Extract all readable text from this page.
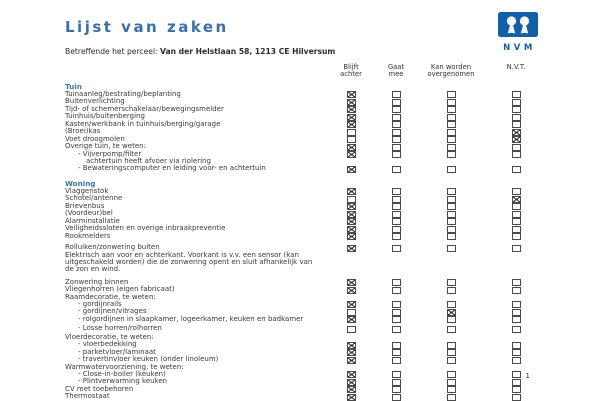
Lijst van zaken
NVM
Betreffende het perceel: Van der Helstlaan 58, 1213 CE Hilversum
Blijft
achter
Gaat
mee
Kan worden
overgenomen
N.V.T.
Tuin
Tuinaanleg/bestrating/beplanting
Buitenverlichting
Tijd- of schemerschakelaar/bewegingsmelder
Tuinhuis/buitenberging
Kasten/werkbank in tuinhuis/berging/garage
(Broei)kas
Voet droogmolen
Overige tuin, te weten:
- Vijverpomp/filter
achtertuin heeft afvoer via riolering
- Bewateringscomputer en leiding voor- en achtertuin
Woning
Vlaggenstok
Schotel/antenne
Brievenbus
(Voordeur)bel
Alarminstallatie
Veiligheidssloten en overige inbraakpreventie
Rookmelders
Rolluiken/zonwering buiten
Elektrisch aan voor en achterkant. Voorkant is v.v. een sensor (kan uitgeschakeld worden) die de zonwering opent en sluit afhankelijk van de zon en wind.
Zonwering binnen
Vliegenhorren (eigen fabricaat)
Raamdecoratie, te weten:
- gordijnrails
- gordijnen/vitrages
- rolgordijnen in slaapkamer, logeerkamer, keuken en badkamer
- Losse horren/rolhorren
Vloerdecoratie, te weten:
- vloerbedekking
- parketvloer/laminaat
- travertinvloer keuken (onder linoleum)
Warmwatervoorziening, te weten:
- Close-in-boiler (keuken)
- Plintverwarming keuken
CV met toebehoren
Thermostaat
1
